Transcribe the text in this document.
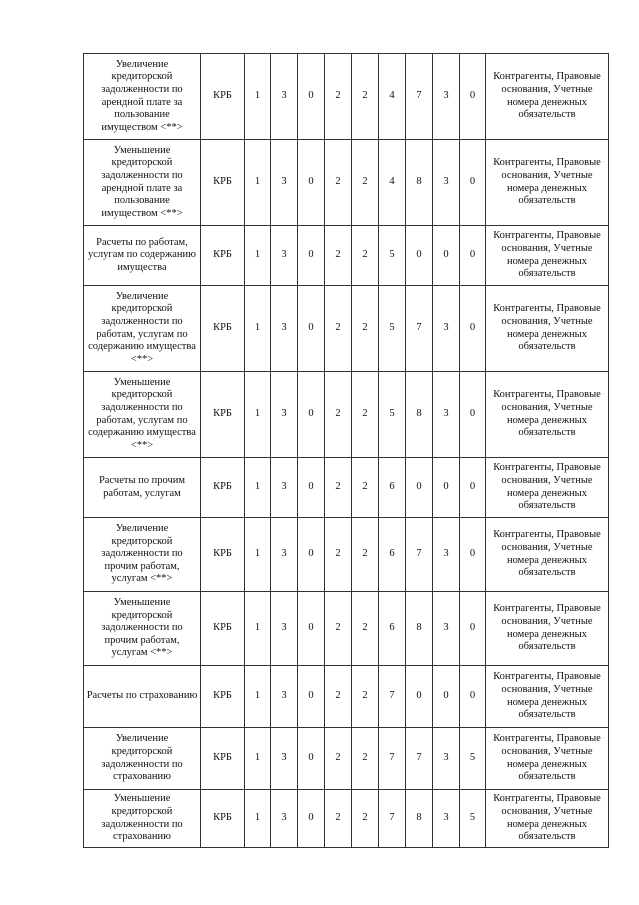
Увеличение кредиторской задолженности по арендной плате за пользование имуществом <**>	КРБ	1	3	0	2	2	4	7	3	0	Контрагенты, Правовые основания, Учетные номера денежных обязательств
Уменьшение кредиторской задолженности по арендной плате за пользование имуществом <**>	КРБ	1	3	0	2	2	4	8	3	0	Контрагенты, Правовые основания, Учетные номера денежных обязательств
Расчеты по работам, услугам по содержанию имущества	КРБ	1	3	0	2	2	5	0	0	0	Контрагенты, Правовые основания, Учетные номера денежных обязательств
Увеличение кредиторской задолженности по работам, услугам по содержанию имущества <**>	КРБ	1	3	0	2	2	5	7	3	0	Контрагенты, Правовые основания, Учетные номера денежных обязательств
Уменьшение кредиторской задолженности по работам, услугам по содержанию имущества <**>	КРБ	1	3	0	2	2	5	8	3	0	Контрагенты, Правовые основания, Учетные номера денежных обязательств
Расчеты по прочим работам, услугам	КРБ	1	3	0	2	2	6	0	0	0	Контрагенты, Правовые основания, Учетные номера денежных обязательств
Увеличение кредиторской задолженности по прочим работам, услугам <**>	КРБ	1	3	0	2	2	6	7	3	0	Контрагенты, Правовые основания, Учетные номера денежных обязательств
Уменьшение кредиторской задолженности по прочим работам, услугам <**>	КРБ	1	3	0	2	2	6	8	3	0	Контрагенты, Правовые основания, Учетные номера денежных обязательств
Расчеты по страхованию	КРБ	1	3	0	2	2	7	0	0	0	Контрагенты, Правовые основания, Учетные номера денежных обязательств
Увеличение кредиторской задолженности по страхованию	КРБ	1	3	0	2	2	7	7	3	5	Контрагенты, Правовые основания, Учетные номера денежных обязательств
Уменьшение кредиторской задолженности по страхованию	КРБ	1	3	0	2	2	7	8	3	5	Контрагенты, Правовые основания, Учетные номера денежных обязательств
